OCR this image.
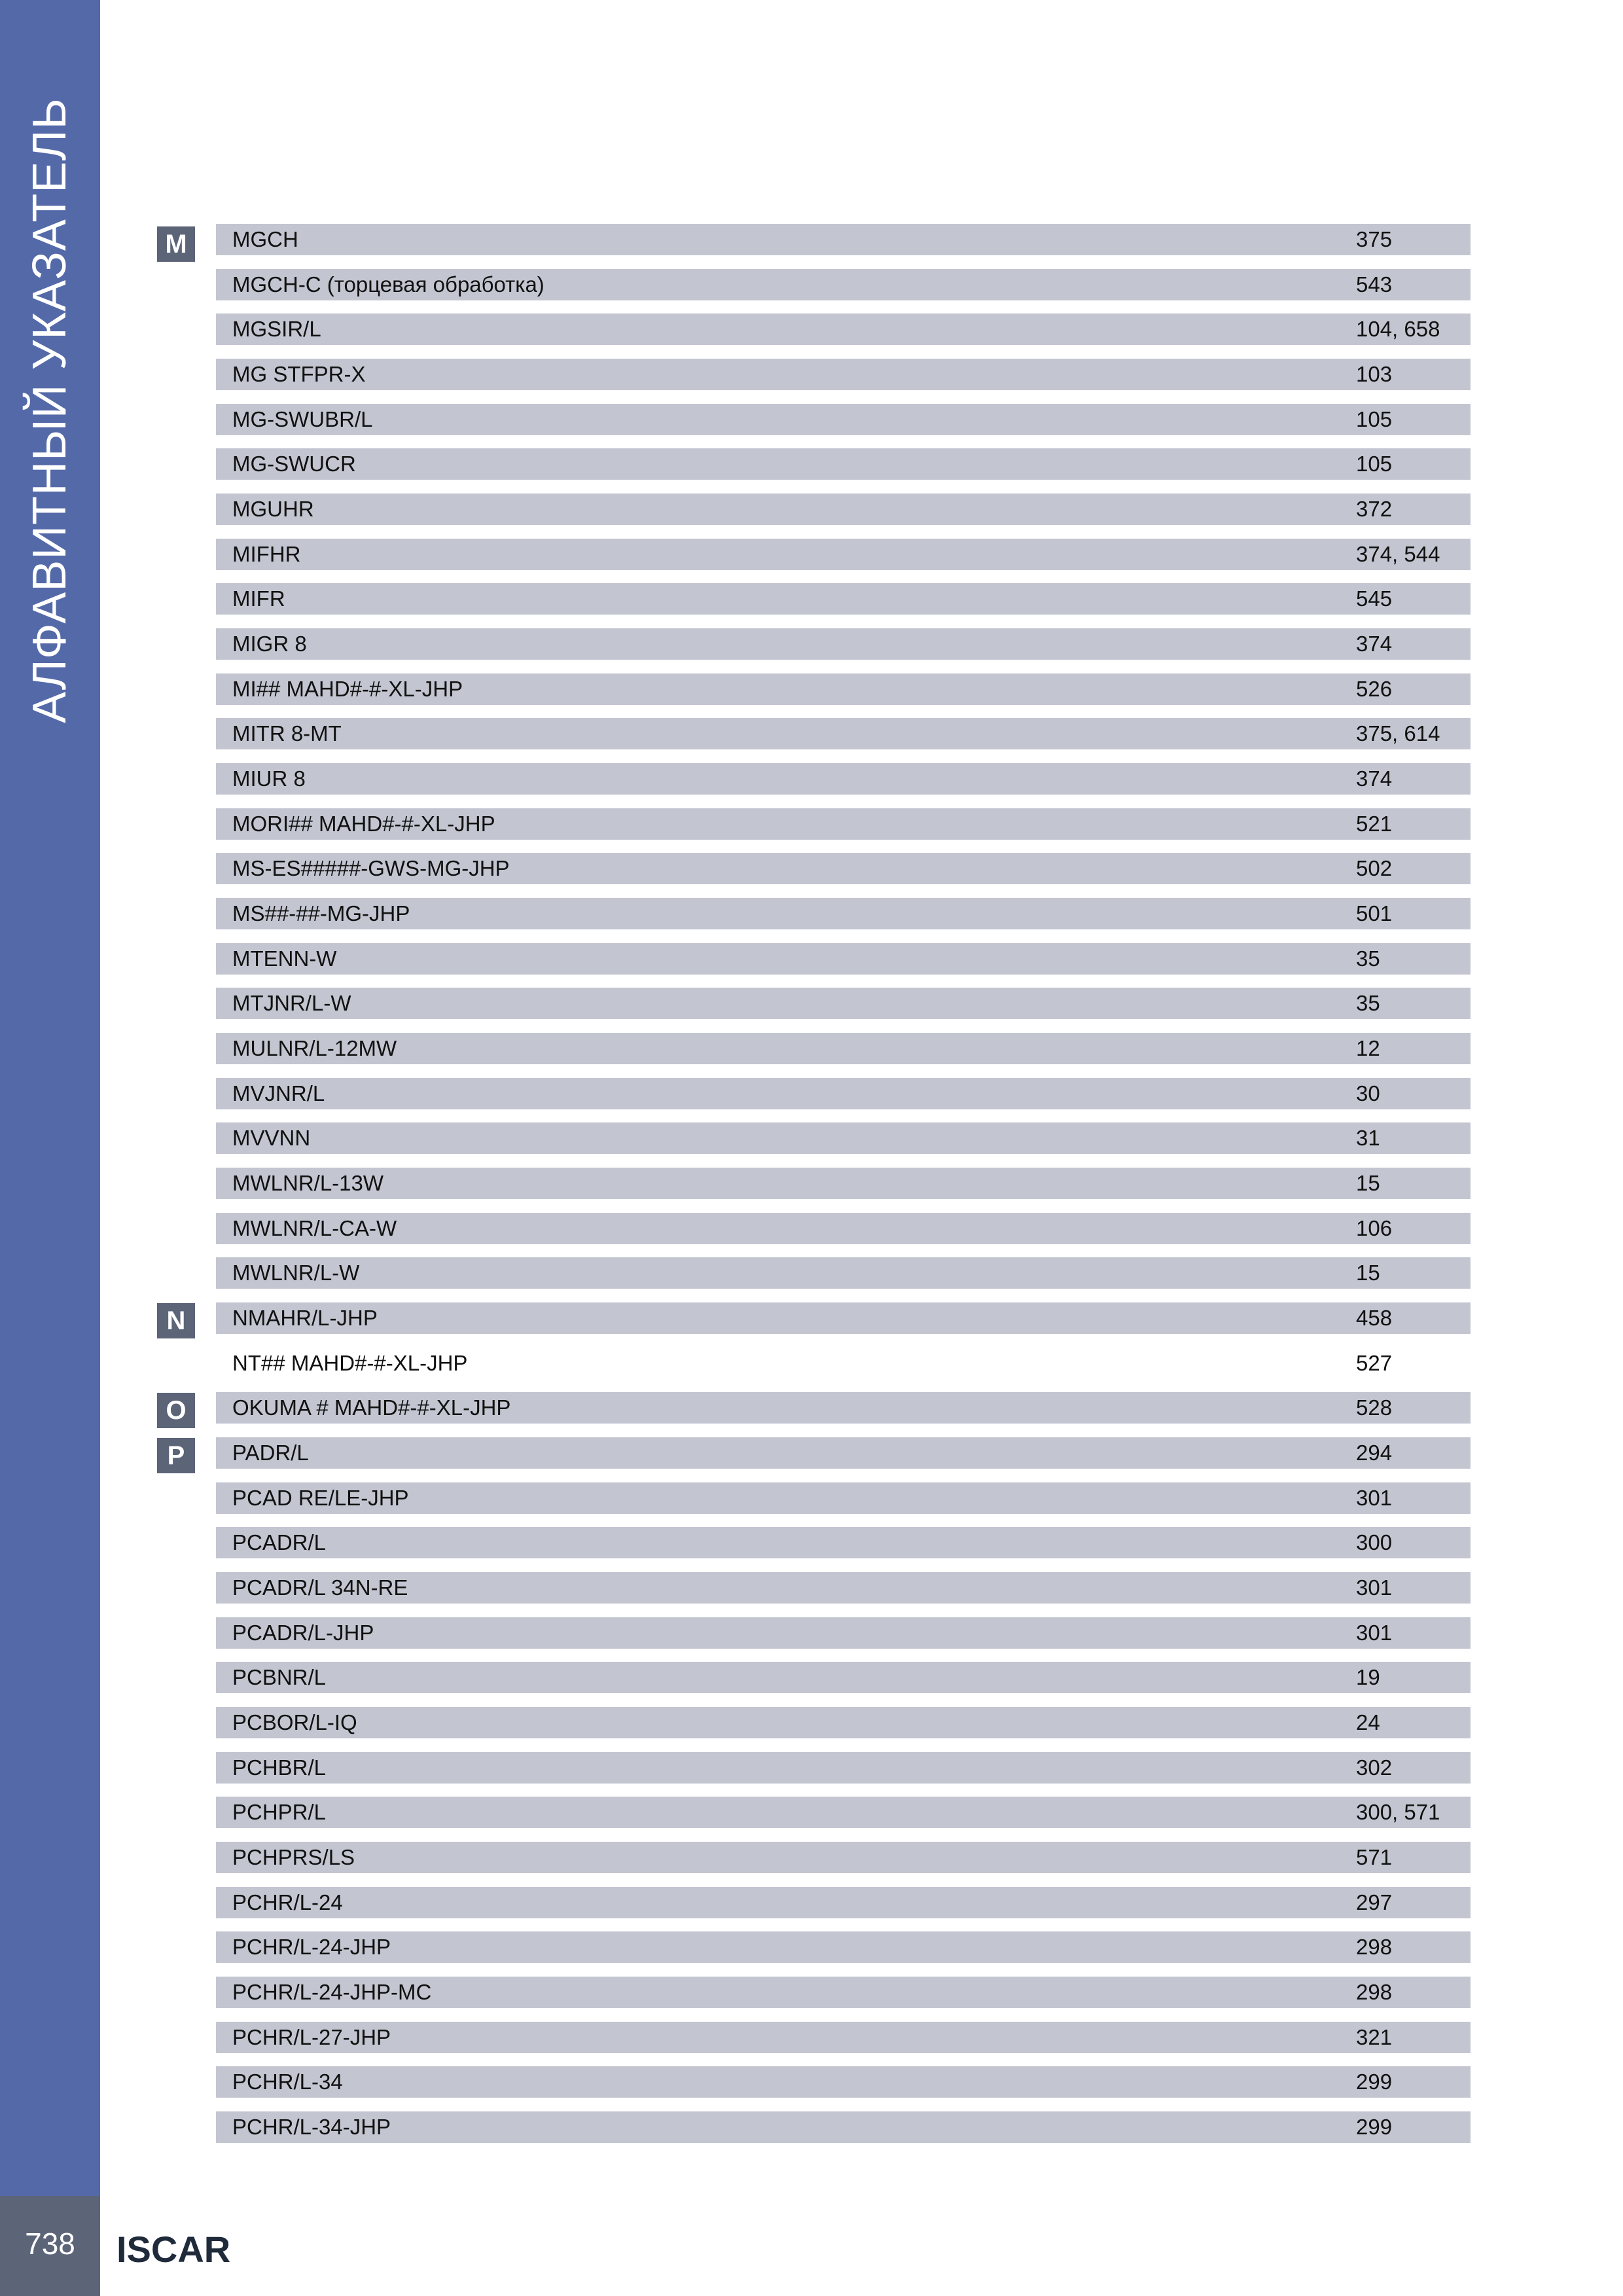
АЛФАВИТНЫЙ УКАЗАТЕЛЬ
738	ISCAR
M
N
O
P
MGCH	375
MGCH-C (торцевая обработка)	543
MGSIR/L	104, 658
MG STFPR-X	103
MG-SWUBR/L	105
MG-SWUCR	105
MGUHR	372
MIFHR	374, 544
MIFR	545
MIGR 8	374
MI## MAHD#-#-XL-JHP	526
MITR 8-MT	375, 614
MIUR 8	374
MORI## MAHD#-#-XL-JHP	521
MS-ES#####-GWS-MG-JHP	502
MS##-##-MG-JHP	501
MTENN-W	35
MTJNR/L-W	35
MULNR/L-12MW	12
MVJNR/L	30
MVVNN	31
MWLNR/L-13W	15
MWLNR/L-CA-W	106
MWLNR/L-W	15
NMAHR/L-JHP	458
NT## MAHD#-#-XL-JHP	527
OKUMA # MAHD#-#-XL-JHP	528
PADR/L	294
PCAD RE/LE-JHP	301
PCADR/L	300
PCADR/L 34N-RE	301
PCADR/L-JHP	301
PCBNR/L	19
PCBOR/L-IQ	24
PCHBR/L	302
PCHPR/L	300, 571
PCHPRS/LS	571
PCHR/L-24	297
PCHR/L-24-JHP	298
PCHR/L-24-JHP-MC	298
PCHR/L-27-JHP	321
PCHR/L-34	299
PCHR/L-34-JHP	299
